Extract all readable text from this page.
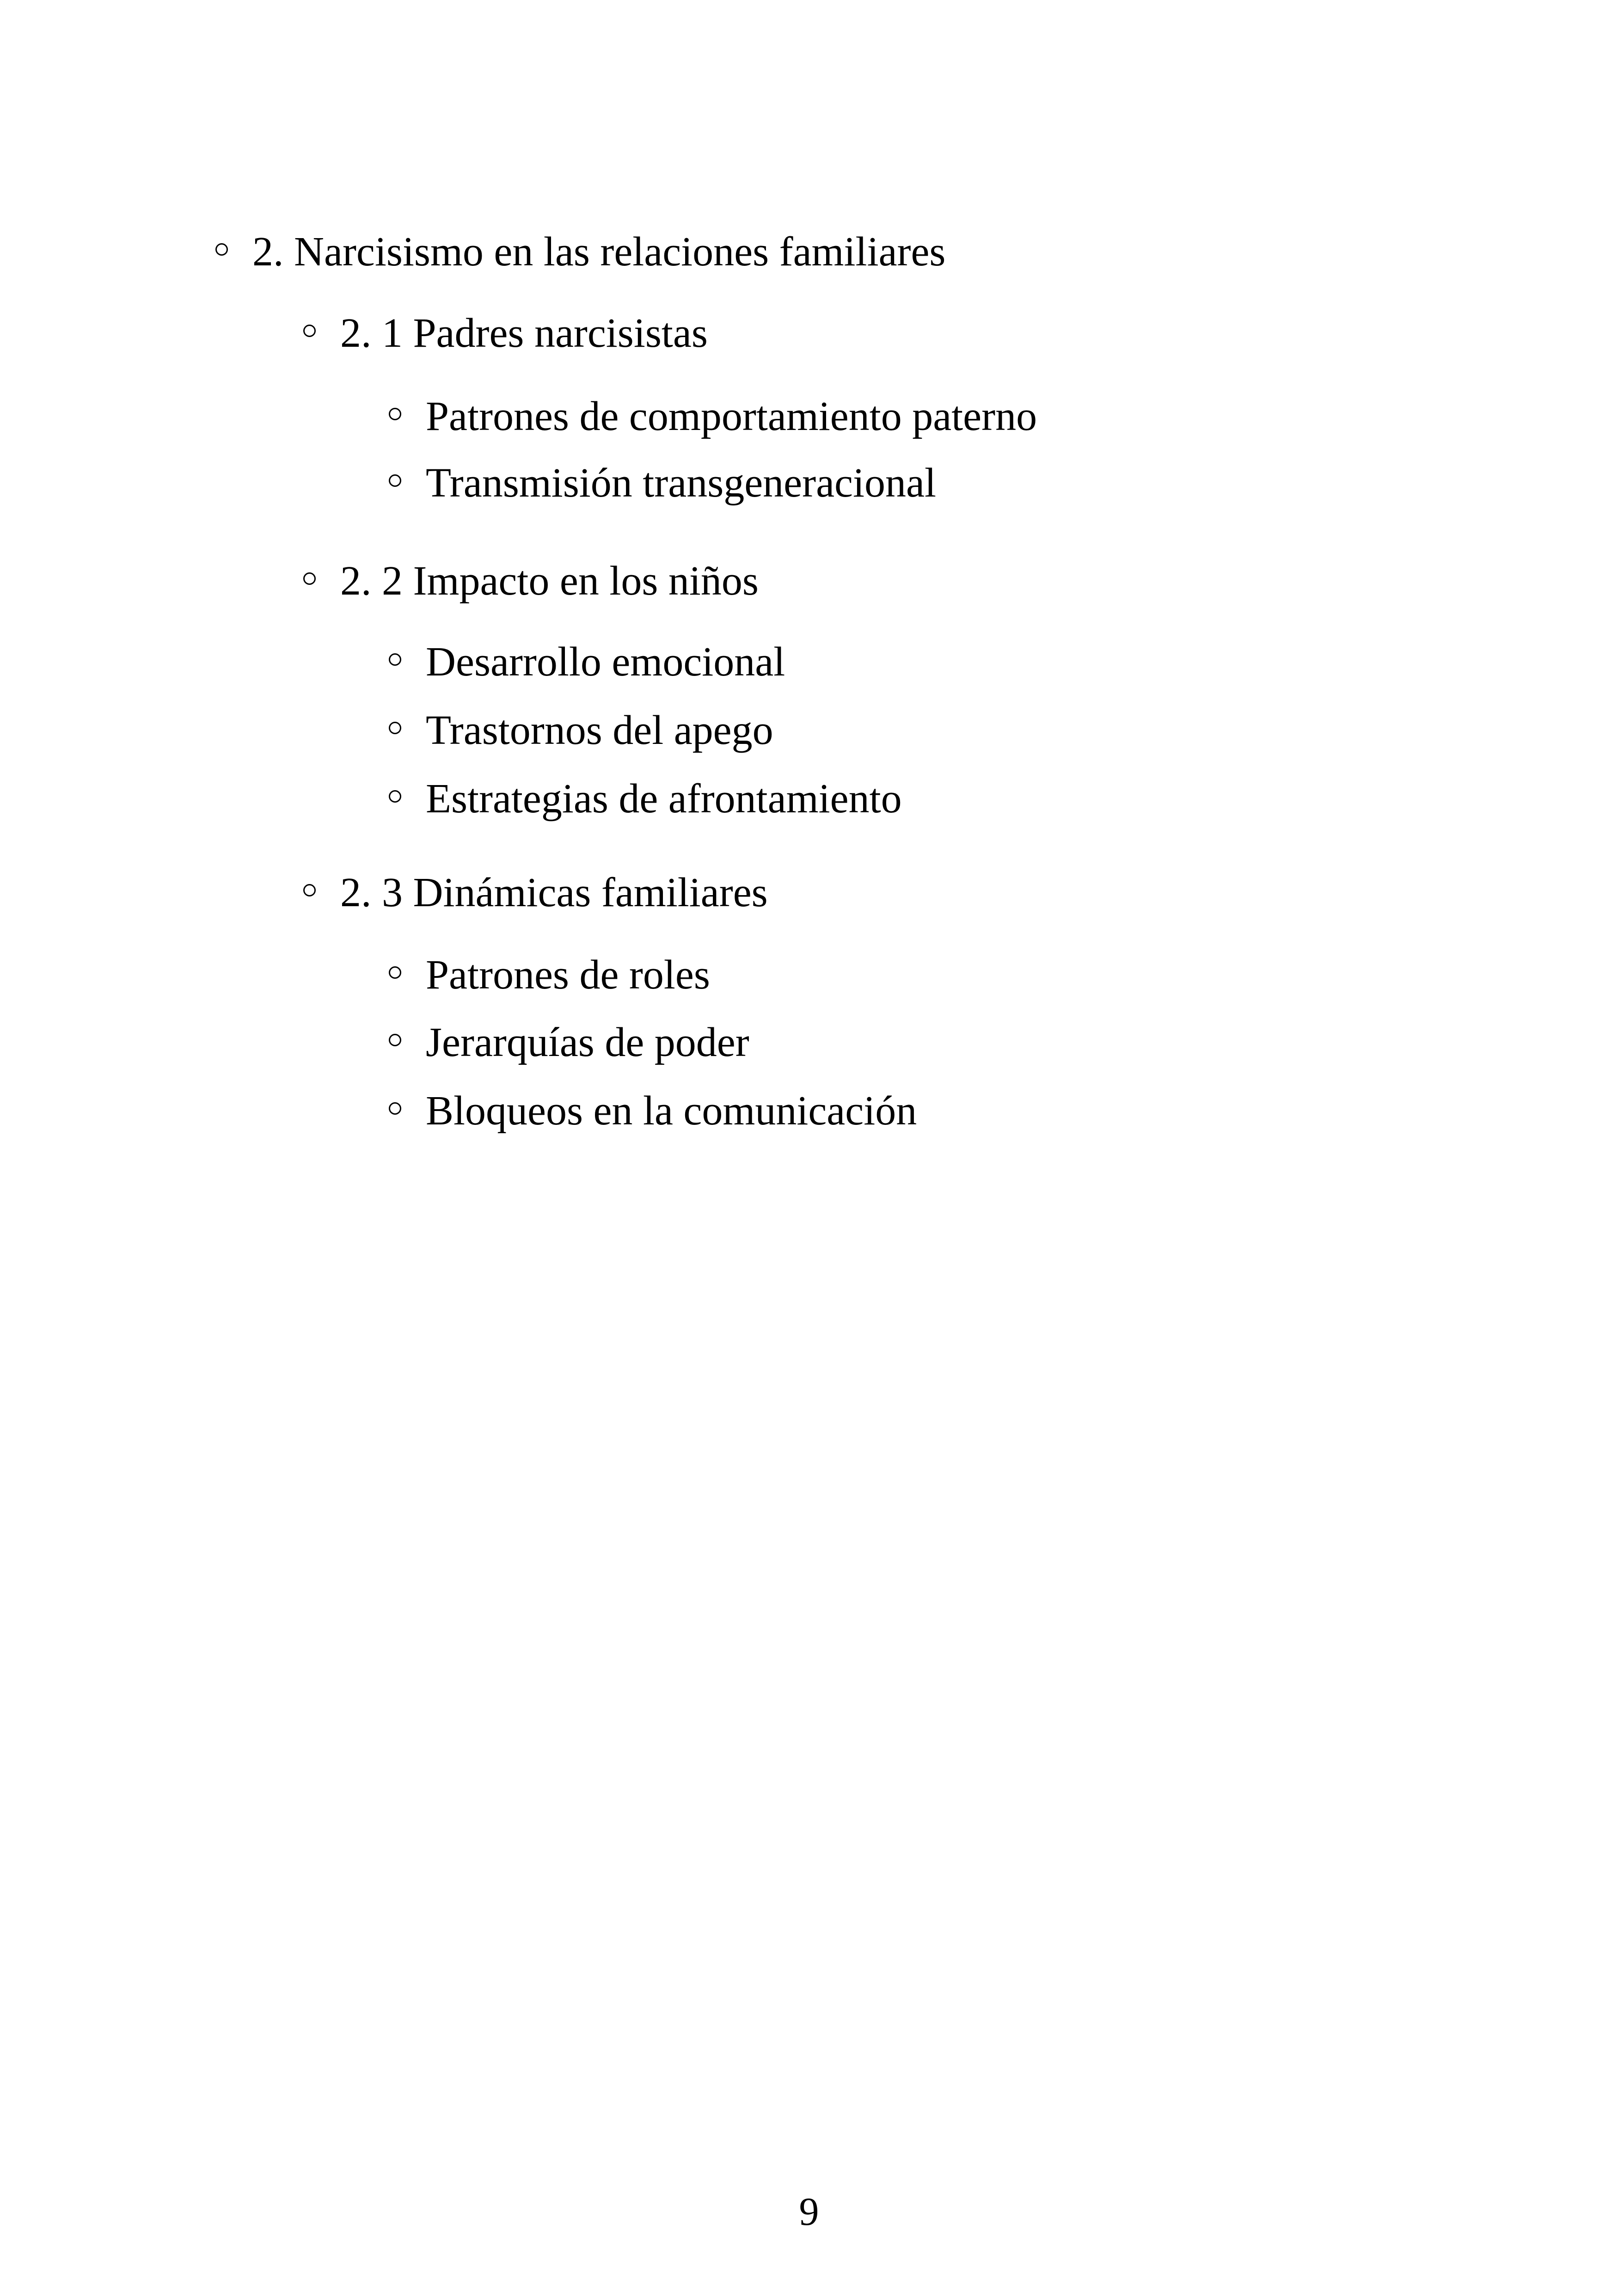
2. Narcisismo en las relaciones familiares
2. 1 Padres narcisistas
Patrones de comportamiento paterno
Transmisión transgeneracional
2. 2 Impacto en los niños
Desarrollo emocional
Trastornos del apego
Estrategias de afrontamiento
2. 3 Dinámicas familiares
Patrones de roles
Jerarquías de poder
Bloqueos en la comunicación
9
